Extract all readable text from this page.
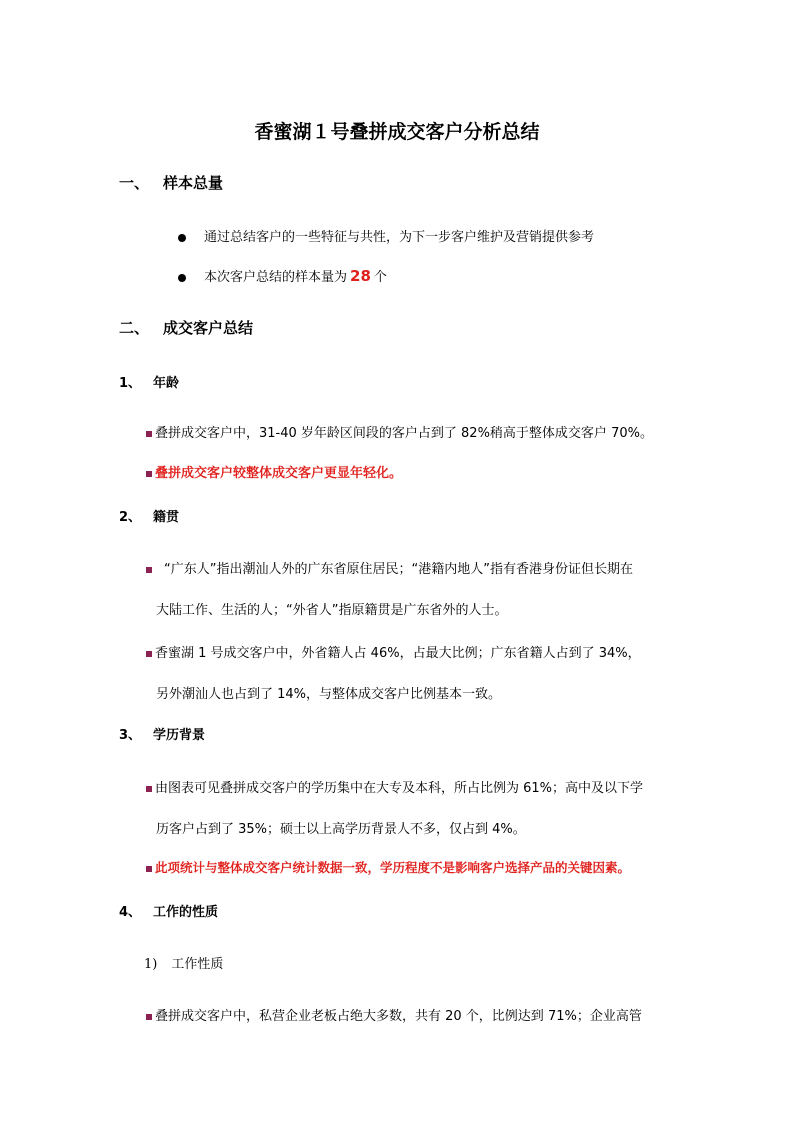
香蜜湖１号叠拼成交客户分析总结
一、 样本总量
通过总结客户的一些特征与共性，为下一步客户维护及营销提供参考
本次客户总结的样本量为 28 个
二、 成交客户总结
1、 年龄
叠拼成交客户中，31-40 岁年龄区间段的客户占到了 82%稍高于整体成交客户 70%。
叠拼成交客户较整体成交客户更显年轻化。
2、 籍贯
“广东人”指出潮汕人外的广东省原住居民；“港籍内地人”指有香港身份证但长期在
大陆工作、生活的人；“外省人”指原籍贯是广东省外的人士。
香蜜湖 1 号成交客户中，外省籍人占 46%，占最大比例；广东省籍人占到了 34%，
另外潮汕人也占到了 14%，与整体成交客户比例基本一致。
3、 学历背景
由图表可见叠拼成交客户的学历集中在大专及本科，所占比例为 61%；高中及以下学
历客户占到了 35%；硕士以上高学历背景人不多，仅占到 4%。
此项统计与整体成交客户统计数据一致，学历程度不是影响客户选择产品的关键因素。
4、 工作的性质
1) 工作性质
叠拼成交客户中，私营企业老板占绝大多数，共有 20 个，比例达到 71%；企业高管
